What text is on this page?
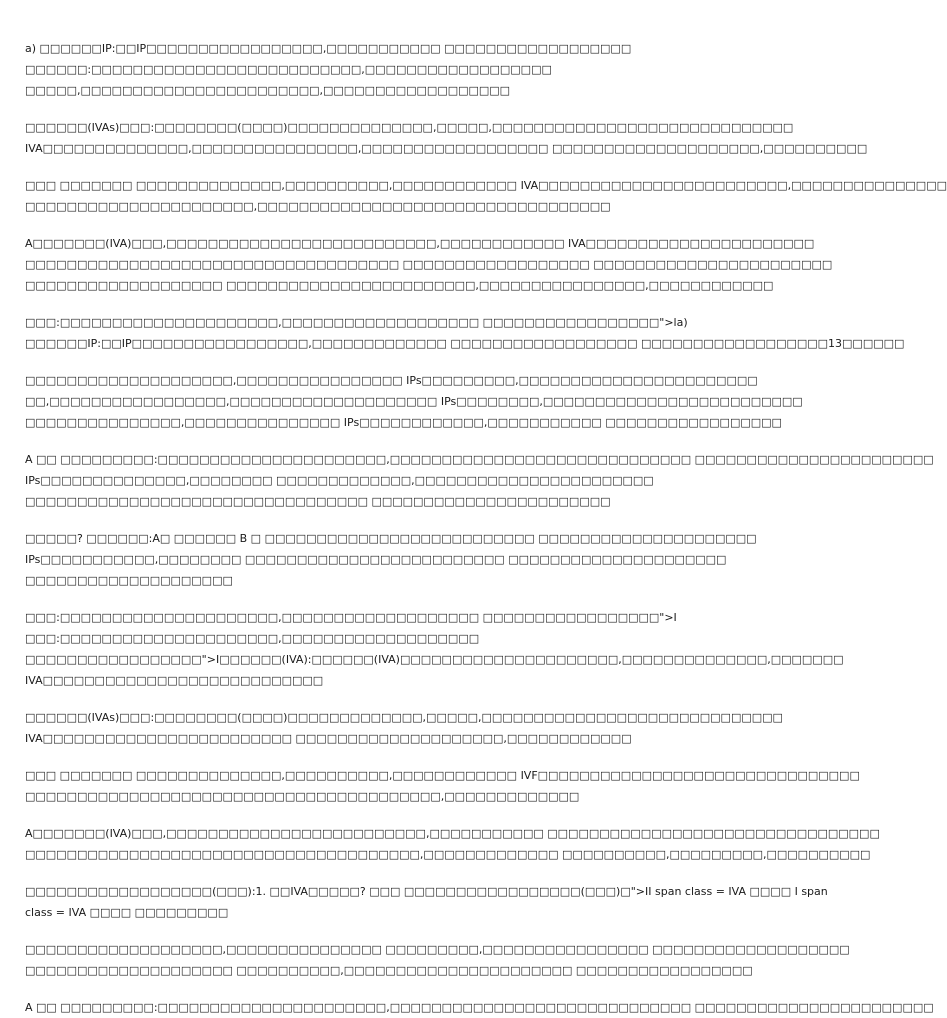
a) □□□□□□IP:□□IP□□□□□□□□□□□□□□□□□,□□□□□□□□□□□ □□□□□□□□□□□□□□□□□□
□□□□□□:□□□□□□□□□□□□□□□□□□□□□□□□□□,□□□□□□□□□□□□□□□□□□
□□□□□,□□□□□□□□□□□□□□□□□□□□□□□,□□□□□□□□□□□□□□□□□□
□□□□□□(IVAs)□□□:□□□□□□□□(□□□□)□□□□□□□□□□□□□□,□□□□□,□□□□□□□□□□□□□□□□□□□□□□□□□□□□□
IVA□□□□□□□□□□□□□□,□□□□□□□□□□□□□□□□,□□□□□□□□□□□□□□□□□□ □□□□□□□□□□□□□□□□□□□□,□□□□□□□□□□
□□□ □□□□□□□ □□□□□□□□□□□□□□,□□□□□□□□□□,□□□□□□□□□□□□ IVA□□□□□□□□□□□□□□□□□□□□□□□□,□□□□□□□□□□□□□□□
□□□□□□□□□□□□□□□□□□□□□□,□□□□□□□□□□□□□□□□□□□□□□□□□□□□□□□□□□
A□□□□□□□(IVA)□□□,□□□□□□□□□□□□□□□□□□□□□□□□□□,□□□□□□□□□□□□ IVA□□□□□□□□□□□□□□□□□□□□□□
□□□□□□□□□□□□□□□□□□□□□□□□□□□□□□□□□□□□ □□□□□□□□□□□□□□□□□□ □□□□□□□□□□□□□□□□□□□□□□□
□□□□□□□□□□□□□□□□□□□ □□□□□□□□□□□□□□□□□□□□□□□□,□□□□□□□□□□□□□□□□,□□□□□□□□□□□□
□□□:□□□□□□□□□□□□□□□□□□□□□,□□□□□□□□□□□□□□□□□□□ □□□□□□□□□□□□□□□□□">la)
□□□□□□IP:□□IP□□□□□□□□□□□□□□□□□,□□□□□□□□□□□□□ □□□□□□□□□□□□□□□□□□ □□□□□□□□□□□□□□□□□□13□□□□□□
□□□□□□□□□□□□□□□□□□□□,□□□□□□□□□□□□□□□□ IPs□□□□□□□□□,□□□□□□□□□□□□□□□□□□□□□□□
□□,□□□□□□□□□□□□□□□□□,□□□□□□□□□□□□□□□□□□□□ IPs□□□□□□□□,□□□□□□□□□□□□□□□□□□□□□□□□□
□□□□□□□□□□□□□□□,□□□□□□□□□□□□□□□ IPs□□□□□□□□□□□□,□□□□□□□□□□□ □□□□□□□□□□□□□□□□□
A □□ □□□□□□□□□:□□□□□□□□□□□□□□□□□□□□□□,□□□□□□□□□□□□□□□□□□□□□□□□□□□□□ □□□□□□□□□□□□□□□□□□□□□□□
IPs□□□□□□□□□□□□□□,□□□□□□□□ □□□□□□□□□□□□□,□□□□□□□□□□□□□□□□□□□□□□□
□□□□□□□□□□□□□□□□□□□□□□□□□□□□□□□□□ □□□□□□□□□□□□□□□□□□□□□□□
□□□□□? □□□□□□:A□ □□□□□□ B □ □□□□□□□□□□□□□□□□□□□□□□□□□□ □□□□□□□□□□□□□□□□□□□□□
IPs□□□□□□□□□□□,□□□□□□□□ □□□□□□□□□□□□□□□□□□□□□□□□□ □□□□□□□□□□□□□□□□□□□□□
□□□□□□□□□□□□□□□□□□□□
□□□:□□□□□□□□□□□□□□□□□□□□□,□□□□□□□□□□□□□□□□□□□ □□□□□□□□□□□□□□□□□">I
□□□:□□□□□□□□□□□□□□□□□□□□□,□□□□□□□□□□□□□□□□□□□
□□□□□□□□□□□□□□□□□">I□□□□□□(IVA):□□□□□□(IVA)□□□□□□□□□□□□□□□□□□□□□,□□□□□□□□□□□□□□,□□□□□□□
IVA□□□□□□□□□□□□□□□□□□□□□□□□□□□
□□□□□□(IVAs)□□□:□□□□□□□□(□□□□)□□□□□□□□□□□□□,□□□□□,□□□□□□□□□□□□□□□□□□□□□□□□□□□□□
IVA□□□□□□□□□□□□□□□□□□□□□□□□ □□□□□□□□□□□□□□□□□□□□,□□□□□□□□□□□□
□□□ □□□□□□□ □□□□□□□□□□□□□□,□□□□□□□□□□,□□□□□□□□□□□□ IVF□□□□□□□□□□□□□□□□□□□□□□□□□□□□□□□
□□□□□□□□□□□□□□□□□□□□□□□□□□□□□□□□□□□□□□□□,□□□□□□□□□□□□□
A□□□□□□□(IVA)□□□,□□□□□□□□□□□□□□□□□□□□□□□□□,□□□□□□□□□□□ □□□□□□□□□□□□□□□□□□□□□□□□□□□□□□□□
□□□□□□□□□□□□□□□□□□□□□□□□□□□□□□□□□□□□□□,□□□□□□□□□□□□□ □□□□□□□□□□,□□□□□□□□□,□□□□□□□□□□
□□□□□□□□□□□□□□□□□□(□□□):1. □□IVA□□□□□? □□□ □□□□□□□□□□□□□□□□□(□□□)□">II span class = IVA □□□□ I span
class = IVA □□□□ □□□□□□□□□
□□□□□□□□□□□□□□□□□□□,□□□□□□□□□□□□□□□ □□□□□□□□□,□□□□□□□□□□□□□□□□ □□□□□□□□□□□□□□□□□□□
□□□□□□□□□□□□□□□□□□□□ □□□□□□□□□□,□□□□□□□□□□□□□□□□□□□□□□ □□□□□□□□□□□□□□□□□
A □□ □□□□□□□□□:□□□□□□□□□□□□□□□□□□□□□□,□□□□□□□□□□□□□□□□□□□□□□□□□□□□□ □□□□□□□□□□□□□□□□□□□□□□□
